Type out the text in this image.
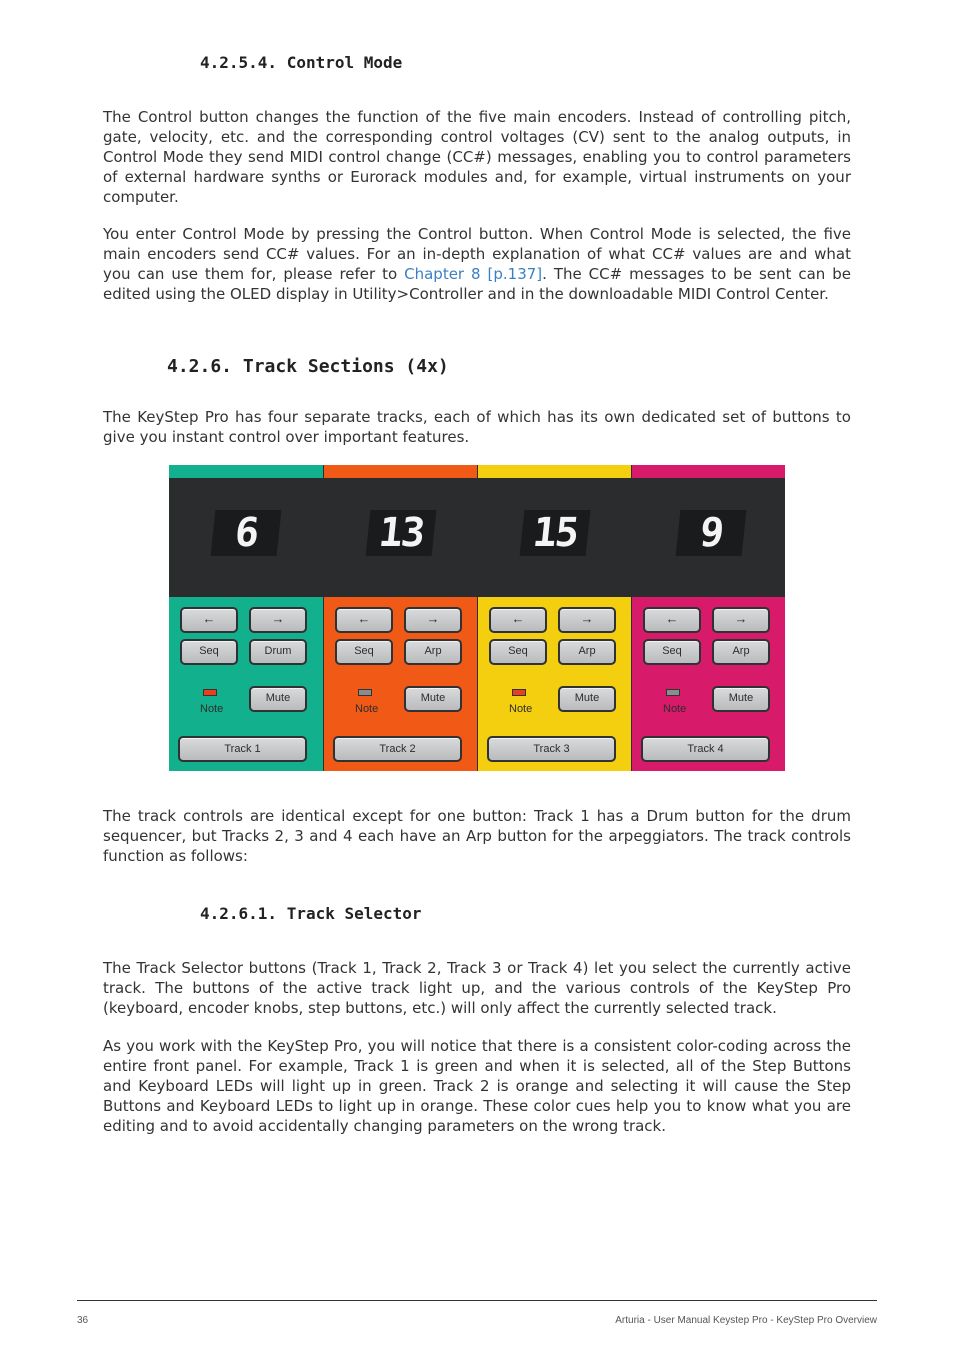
4.2.5.4. Control Mode

The Control button changes the function of the five main encoders. Instead of controlling pitch, gate, velocity, etc. and the corresponding control voltages (CV) sent to the analog outputs, in Control Mode they send MIDI control change (CC#) messages, enabling you to control parameters of external hardware synths or Eurorack modules and, for example, virtual instruments on your computer.

You enter Control Mode by pressing the Control button. When Control Mode is selected, the five main encoders send CC# values. For an in-depth explanation of what CC# values are and what you can use them for, please refer to Chapter 8 [p.137]. The CC# messages to be sent can be edited using the OLED display in Utility>Controller and in the downloadable MIDI Control Center.

4.2.6. Track Sections (4x)

The KeyStep Pro has four separate tracks, each of which has its own dedicated set of buttons to give you instant control over important features.

6
←	→
Seq	Drum
Mute
Track 1
Note
13
←	→
Seq	Arp
Mute
Track 2
Note
15
←	→
Seq	Arp
Mute
Track 3
Note
9
←	→
Seq	Arp
Mute
Track 4
Note

The track controls are identical except for one button: Track 1 has a Drum button for the drum sequencer, but Tracks 2, 3 and 4 each have an Arp button for the arpeggiators. The track controls function as follows:

4.2.6.1. Track Selector

The Track Selector buttons (Track 1, Track 2, Track 3 or Track 4) let you select the currently active track. The buttons of the active track light up, and the various controls of the KeyStep Pro (keyboard, encoder knobs, step buttons, etc.) will only affect the currently selected track.

As you work with the KeyStep Pro, you will notice that there is a consistent color-coding across the entire front panel. For example, Track 1 is green and when it is selected, all of the Step Buttons and Keyboard LEDs will light up in green. Track 2 is orange and selecting it will cause the Step Buttons and Keyboard LEDs to light up in orange. These color cues help you to know what you are editing and to avoid accidentally changing parameters on the wrong track.

36	Arturia - User Manual Keystep Pro - KeyStep Pro Overview
